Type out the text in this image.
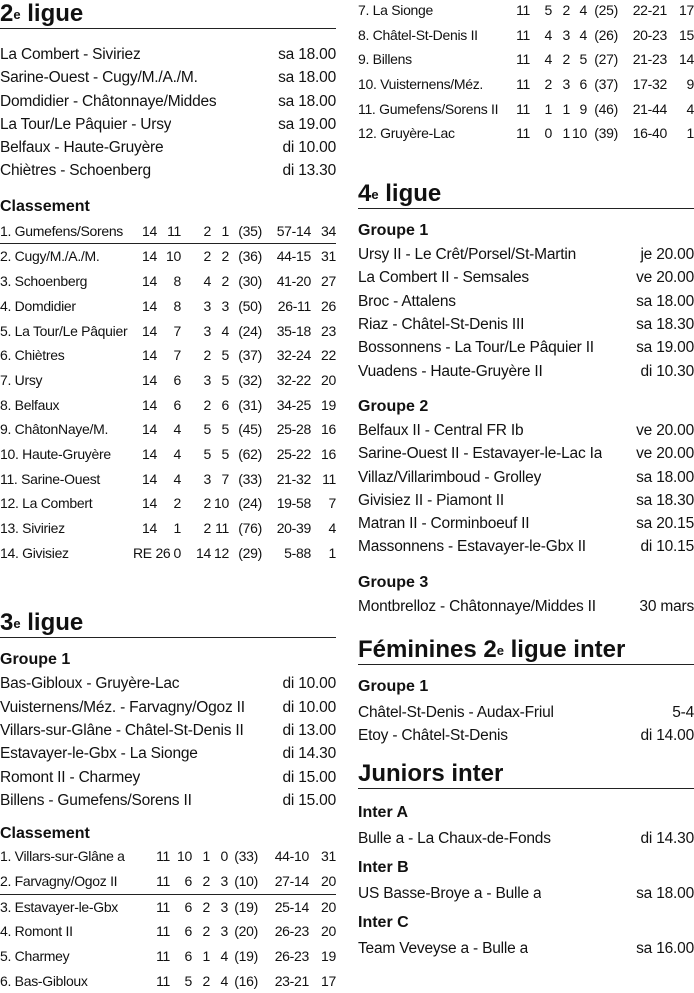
2e ligue
La Combert - Siviriez	sa 18.00
Sarine-Ouest - Cugy/M./A./M.	sa 18.00
Domdidier - Châtonnaye/Middes	sa 18.00
La Tour/Le Pâquier - Ursy	sa 19.00
Belfaux - Haute-Gruyère	di 10.00
Chiètres - Schoenberg	di 13.30
Classement
1. Gumefens/Sorens	14 11	2 1 (35)	57-14 34
2. Cugy/M./A./M.	14 10	2 2 (36)	44-15 31
3. Schoenberg	14	8	4 2 (30)	41-20 27
4. Domdidier	14	8	3 3 (50)	26-11 26
5. La Tour/Le Pâquier	14	7	3 4 (24)	35-18 23
6. Chiètres	14	7	2 5 (37)	32-24 22
7. Ursy	14	6	3 5 (32)	32-22 20
8. Belfaux	14	6	2 6 (31)	34-25 19
9. ChâtonNaye/M.	14	4	5 5 (45)	25-28 16
10. Haute-Gruyère	14	4	5 5 (62)	25-22 16
11. Sarine-Ouest	14	4	3 7 (33)	21-32 11
12. La Combert	14	2	2 10 (24)	19-58	7
13. Siviriez	14	1	2 11 (76)	20-39	4
14. Givisiez	RE 26 0	14 12 (29)	5-88	1
3e ligue
Groupe 1
Bas-Gibloux - Gruyère-Lac	di 10.00
Vuisternens/Méz. - Farvagny/Ogoz II di 10.00
Villars-sur-Glâne - Châtel-St-Denis II	di 13.00
Estavayer-le-Gbx - La Sionge	di 14.30
Romont II - Charmey	di 15.00
Billens - Gumefens/Sorens II	di 15.00
Classement
1. Villars-sur-Glâne a	11 10 1 0 (33)	44-10 31
2. Farvagny/Ogoz II	11	6 2 3 (10)	27-14 20
3. Estavayer-le-Gbx	11	6 2 3 (19)	25-14 20
4. Romont II	11	6 2 3 (20)	26-23 20
5. Charmey	11	6 1 4 (19)	26-23 19
6. Bas-Gibloux	11	5 2 4 (16)	23-21 17
7. La Sionge	11	5 2 4 (25)	22-21 17
8. Châtel-St-Denis II	11	4 3 4 (26)	20-23 15
9. Billens	11	4 2 5 (27)	21-23 14
10. Vuisternens/Méz.	11	2 3 6 (37)	17-32	9
11. Gumefens/Sorens II	11	1 1 9 (46)	21-44	4
12. Gruyère-Lac	11	0 1 10 (39)	16-40	1
4e ligue
Groupe 1
Ursy II - Le Crêt/Porsel/St-Martin	je 20.00
La Combert II - Semsales	ve 20.00
Broc - Attalens	sa 18.00
Riaz - Châtel-St-Denis III	sa 18.30
Bossonnens - La Tour/Le Pâquier II	sa 19.00
Vuadens - Haute-Gruyère II	di 10.30
Groupe 2
Belfaux II - Central FR Ib	ve 20.00
Sarine-Ouest II - Estavayer-le-Lac Ia ve 20.00
Villaz/Villarimboud - Grolley	sa 18.00
Givisiez II - Piamont II	sa 18.30
Matran II - Corminboeuf II	sa 20.15
Massonnens - Estavayer-le-Gbx II	di 10.15
Groupe 3
Montbrelloz - Châtonnaye/Middes II	30 mars
Féminines 2e ligue inter
Groupe 1
Châtel-St-Denis - Audax-Friul	5-4
Etoy - Châtel-St-Denis	di 14.00
Juniors inter
Inter A
Bulle a - La Chaux-de-Fonds	di 14.30
Inter B
US Basse-Broye a - Bulle a	sa 18.00
Inter C
Team Veveyse a - Bulle a	sa 16.00
